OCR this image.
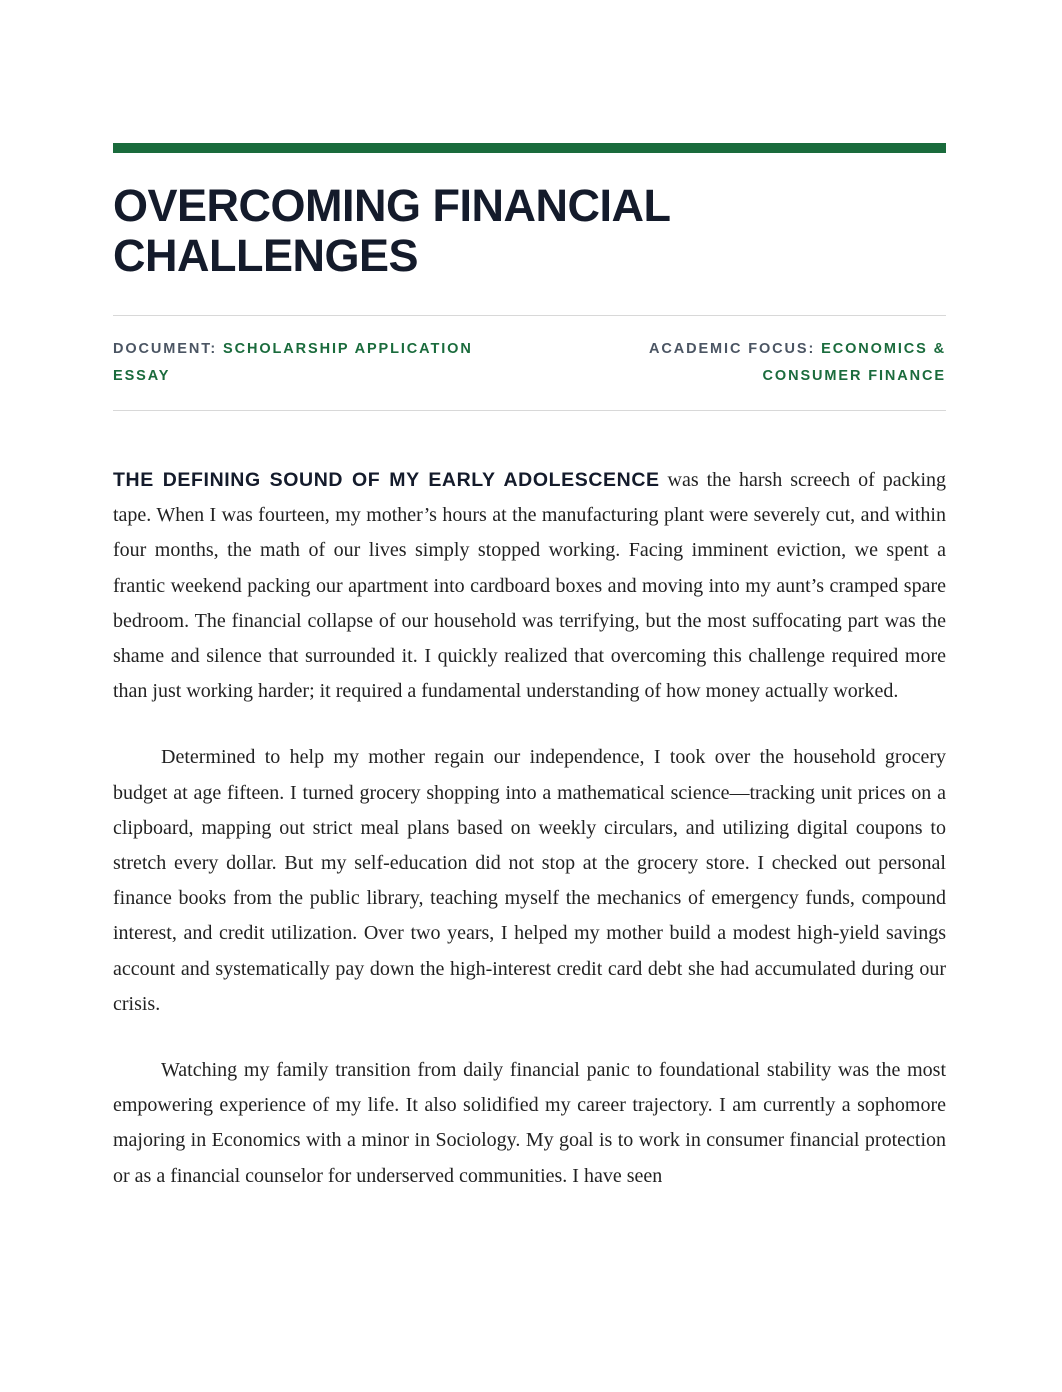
OVERCOMING FINANCIAL CHALLENGES
DOCUMENT: SCHOLARSHIP APPLICATION ESSAY
ACADEMIC FOCUS: ECONOMICS & CONSUMER FINANCE

THE DEFINING SOUND OF MY EARLY ADOLESCENCE was the harsh screech of packing tape. When I was fourteen, my mother’s hours at the manufacturing plant were severely cut, and within four months, the math of our lives simply stopped working. Facing imminent eviction, we spent a frantic weekend packing our apartment into cardboard boxes and moving into my aunt’s cramped spare bedroom. The financial collapse of our household was terrifying, but the most suffocating part was the shame and silence that surrounded it. I quickly realized that overcoming this challenge required more than just working harder; it required a fundamental understanding of how money actually worked.

Determined to help my mother regain our independence, I took over the household grocery budget at age fifteen. I turned grocery shopping into a mathematical science—tracking unit prices on a clipboard, mapping out strict meal plans based on weekly circulars, and utilizing digital coupons to stretch every dollar. But my self-education did not stop at the grocery store. I checked out personal finance books from the public library, teaching myself the mechanics of emergency funds, compound interest, and credit utilization. Over two years, I helped my mother build a modest high-yield savings account and systematically pay down the high-interest credit card debt she had accumulated during our crisis.

Watching my family transition from daily financial panic to foundational stability was the most empowering experience of my life. It also solidified my career trajectory. I am currently a sophomore majoring in Economics with a minor in Sociology. My goal is to work in consumer financial protection or as a financial counselor for underserved communities. I have seen
